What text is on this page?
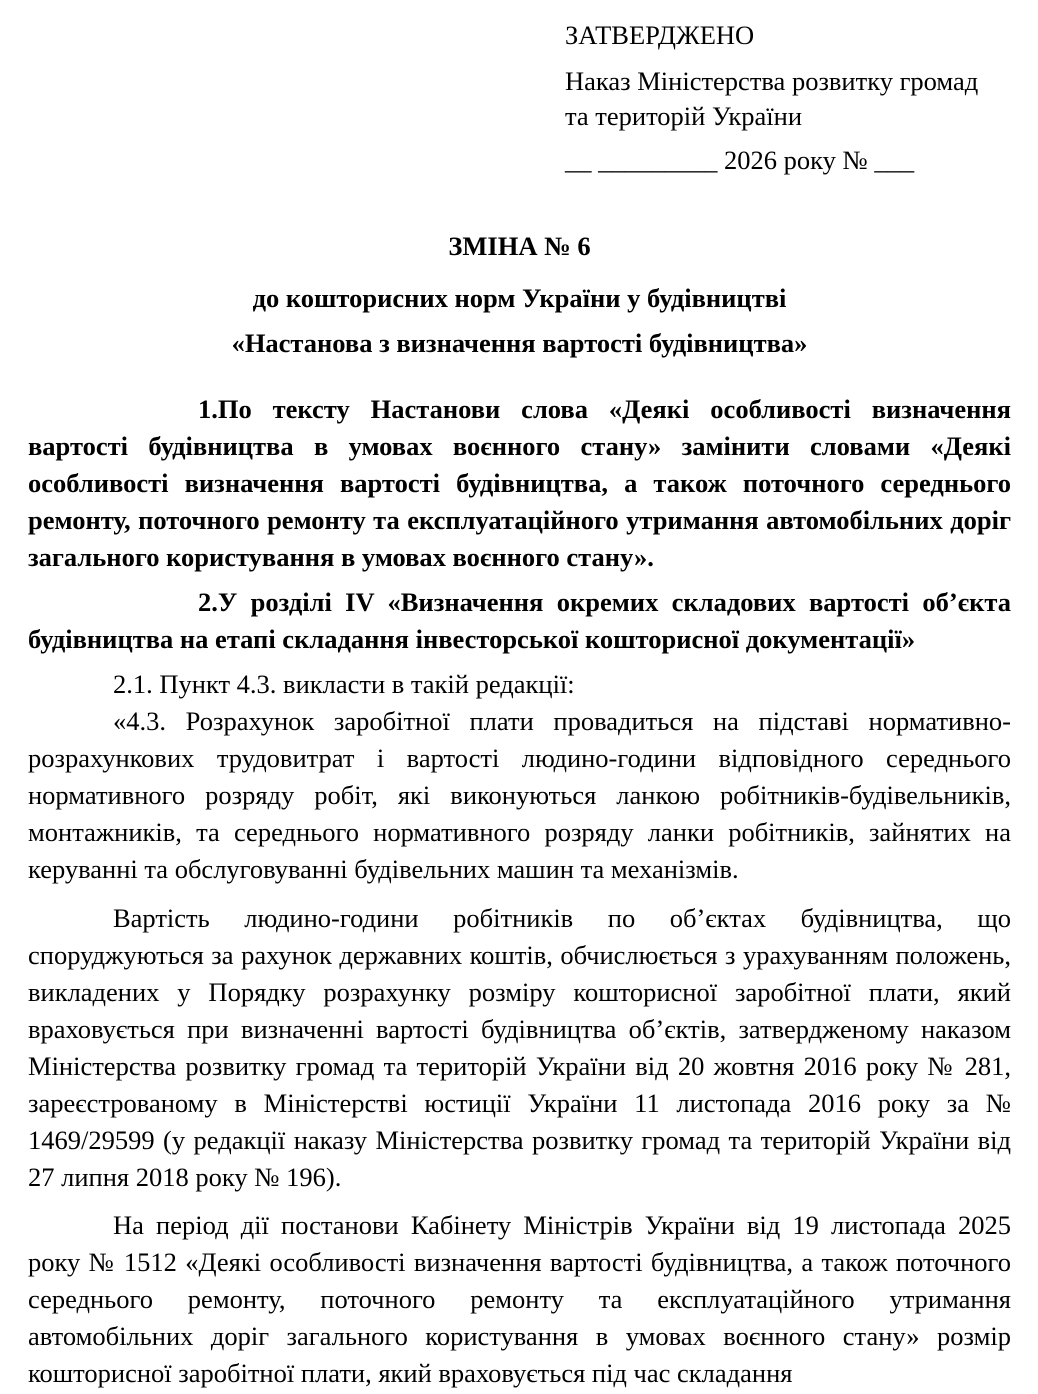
ЗАТВЕРДЖЕНО

Наказ Міністерства розвитку громад

та територій України

__ _________ 2026 року № ___

ЗМІНА № 6
до кошторисних норм України у будівництві
«Настанова з визначення вартості будівництва»

1.По тексту Настанови слова «Деякі особливості визначення вартості будівництва в умовах воєнного стану» замінити словами «Деякі особливості визначення вартості будівництва, а також поточного середнього ремонту, поточного ремонту та експлуатаційного утримання автомобільних доріг загального користування в умовах воєнного стану».

2.У розділі IV «Визначення окремих складових вартості об’єкта будівництва на етапі складання інвесторської кошторисної документації»

2.1. Пункт 4.3. викласти в такій редакції:

«4.3. Розрахунок заробітної плати провадиться на підставі нормативно-розрахункових трудовитрат і вартості людино-години відповідного середнього нормативного розряду робіт, які виконуються ланкою робітників-будівельників, монтажників, та середнього нормативного розряду ланки робітників, зайнятих на керуванні та обслуговуванні будівельних машин та механізмів.

Вартість людино-години робітників по об’єктах будівництва, що споруджуються за рахунок державних коштів, обчислюється з урахуванням положень, викладених у Порядку розрахунку розміру кошторисної заробітної плати, який враховується при визначенні вартості будівництва об’єктів, затвердженому наказом Міністерства розвитку громад та територій України від 20 жовтня 2016 року № 281, зареєстрованому в Міністерстві юстиції України 11 листопада 2016 року за № 1469/29599 (у редакції наказу Міністерства розвитку громад та територій України від 27 липня 2018 року № 196).

На період дії постанови Кабінету Міністрів України від 19 листопада 2025 року № 1512 «Деякі особливості визначення вартості будівництва, а також поточного середнього ремонту, поточного ремонту та експлуатаційного утримання автомобільних доріг загального користування в умовах воєнного стану» розмір кошторисної заробітної плати, який враховується під час складання
